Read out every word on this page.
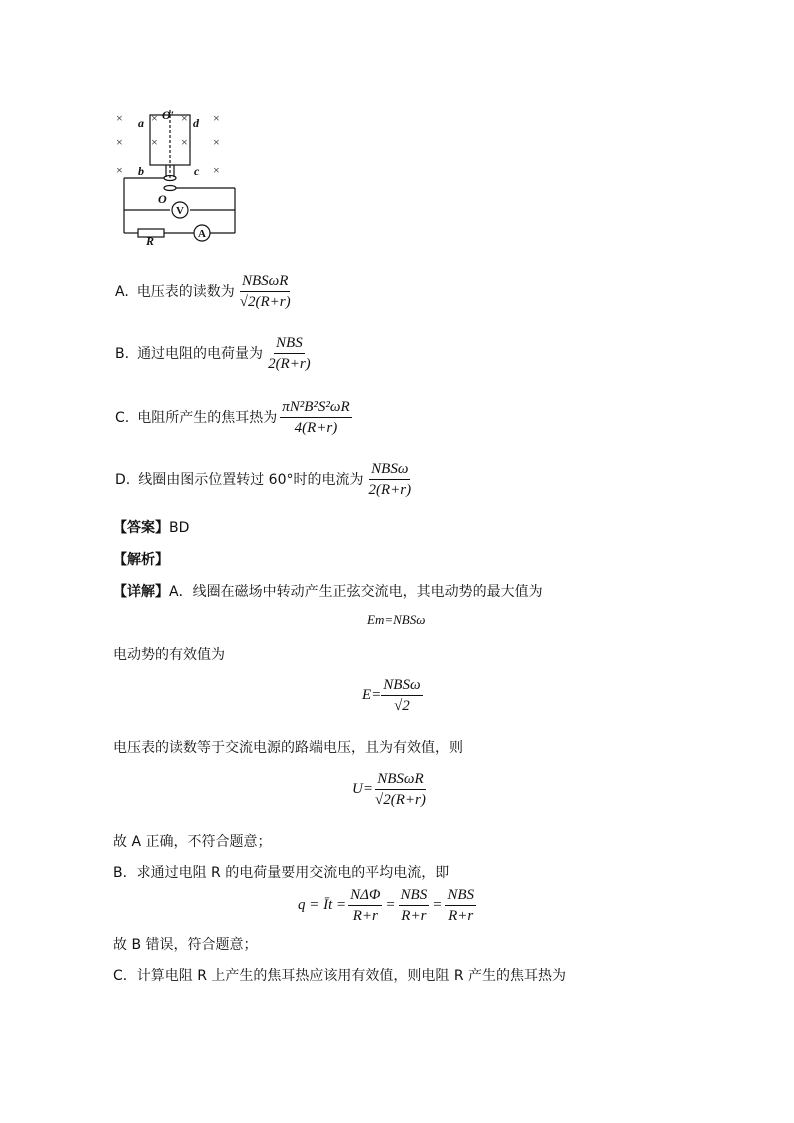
×
×
×
×
×
×
× ×
× ×
a	d
b	c
O′
O
R
V
A
A. 电压表的读数为 $\frac{\text{NBSωR}}{√2(R+r)}$
B. 通过电阻的电荷量为 $\frac{\text{NBS}}{2(R+r)}$
C. 电阻所产生的焦耳热为 $\frac{\text{πN²B²S²ωR}}{4(R+r)}$
D. 线圈由图示位置转过 60°时的电流为 $\frac{\text{NBSω}}{2(R+r)}$
【答案】BD
【解析】
【详解】A．线圈在磁场中转动产生正弦交流电，其电动势的最大值为
Em=NBSω
电动势的有效值为
$E= \frac{\text{NBSω}}{√2}$
电压表的读数等于交流电源的路端电压，且为有效值，则
$U= \frac{\text{NBSωR}}{√2(R+r)}$
故 A 正确，不符合题意；
B．求通过电阻 R 的电荷量要用交流电的平均电流，即
q = Īt = $\frac{\text{NΔΦ}}{R+r} = \frac{\text{NBS}}{R+r} = \frac{\text{NBS}}{R+r}$
故 B 错误，符合题意；
C．计算电阻 R 上产生的焦耳热应该用有效值，则电阻 R 产生的焦耳热为
